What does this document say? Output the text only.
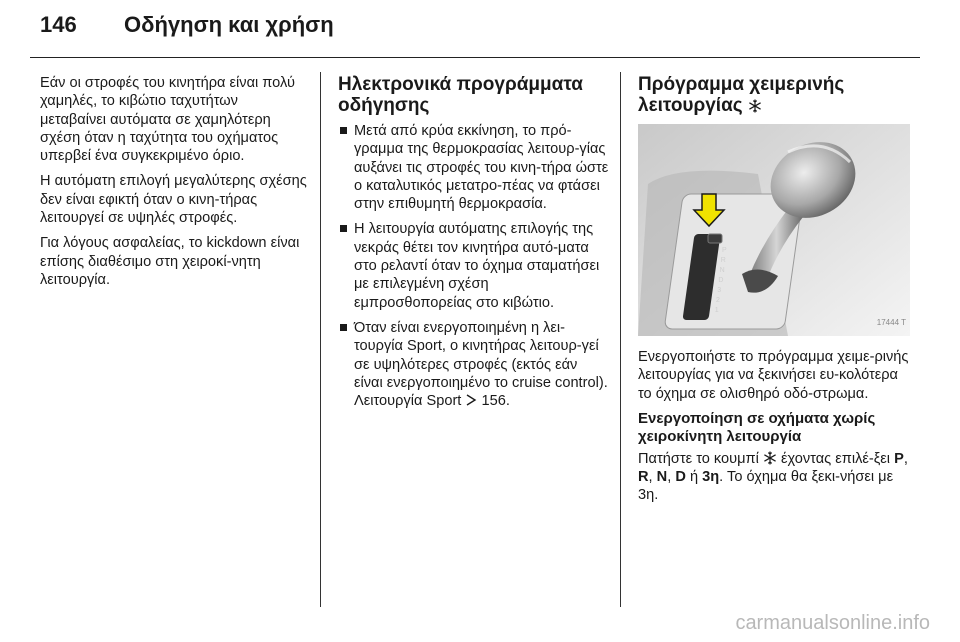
146 Οδήγηση και χρήση

Εάν οι στροφές του κινητήρα είναι πολύ χαμηλές, το κιβώτιο ταχυτήτων μεταβαίνει αυτόματα σε χαμηλότερη σχέση όταν η ταχύτητα του οχήματος υπερβεί ένα συγκεκριμένο όριο.

Η αυτόματη επιλογή μεγαλύτερης σχέσης δεν είναι εφικτή όταν ο κινη‐τήρας λειτουργεί σε υψηλές στροφές.

Για λόγους ασφαλείας, το kickdown είναι επίσης διαθέσιμο στη χειροκί‐νητη λειτουργία.

Ηλεκτρονικά προγράμματα οδήγησης
Μετά από κρύα εκκίνηση, το πρό‐γραμμα της θερμοκρασίας λειτουρ‐γίας αυξάνει τις στροφές του κινη‐τήρα ώστε ο καταλυτικός μετατρο‐πέας να φτάσει στην επιθυμητή θερμοκρασία.
Η λειτουργία αυτόματης επιλογής της νεκράς θέτει τον κινητήρα αυτό‐ματα στο ρελαντί όταν το όχημα σταματήσει με επιλεγμένη σχέση εμπροσθοπορείας στο κιβώτιο.
Όταν είναι ενεργοποιημένη η λει‐τουργία Sport, ο κινητήρας λειτουρ‐γεί σε υψηλότερες στροφές (εκτός εάν είναι ενεργοποιημένο το cruise control). Λειτουργία Sport 156.
Πρόγραμμα χειμερινής λειτουργίας
P
R
N
D
3
2
1
17444 T

Ενεργοποιήστε το πρόγραμμα χειμε‐ρινής λειτουργίας για να ξεκινήσει ευ‐κολότερα το όχημα σε ολισθηρό οδό‐στρωμα.

Ενεργοποίηση σε οχήματα χωρίς χειροκίνητη λειτουργία

Πατήστε το κουμπί έχοντας επιλέ‐ξει P, R, N, D ή 3η. Το όχημα θα ξεκι‐νήσει με 3η.

carmanualsonline.info
